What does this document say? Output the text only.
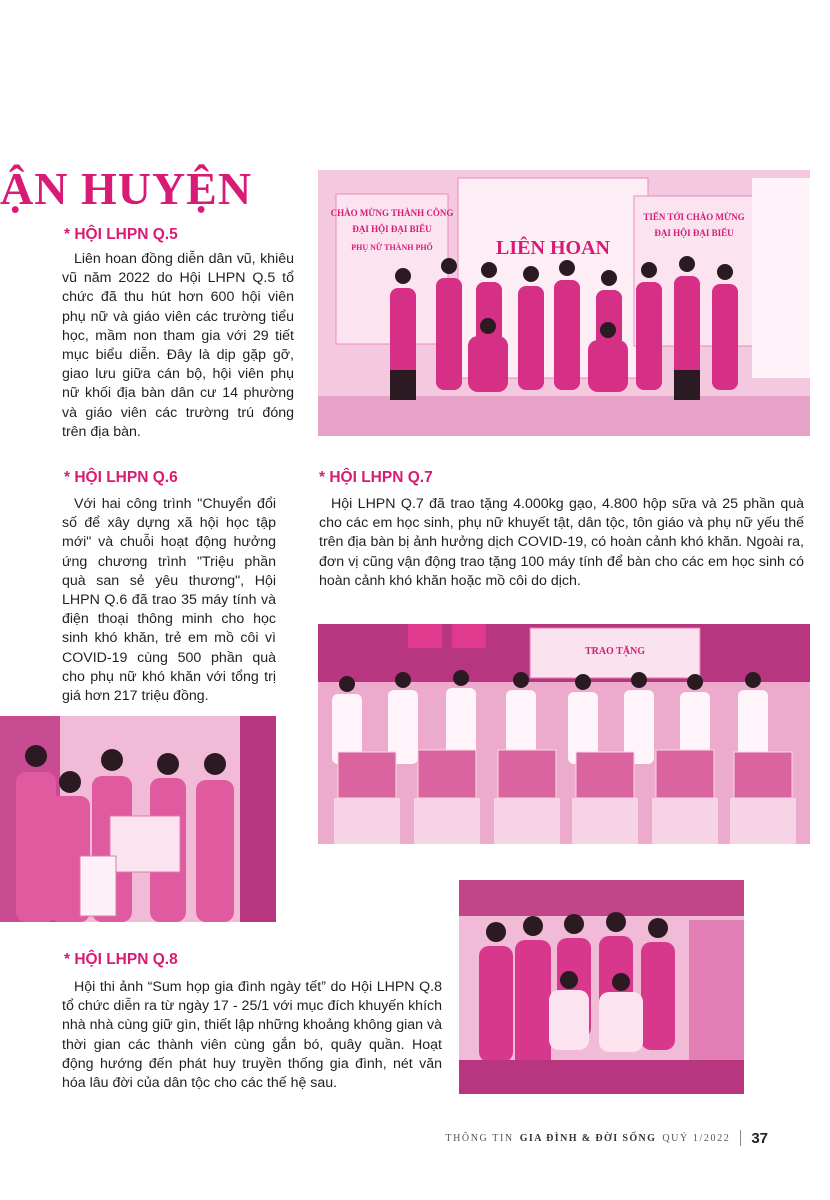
ẬN HUYỆN	CHÀO MỪNG THÀNH CÔNG
ĐẠI HỘI ĐẠI BIỂU
PHỤ NỮ THÀNH PHỐ	LIÊN HOAN
TIẾN TỚI CHÀO MỪNG
ĐẠI HỘI ĐẠI BIỂU
* HỘI LHPN Q.5
Liên hoan đồng diễn dân vũ, khiêu vũ năm 2022 do Hội LHPN Q.5 tổ chức đã thu hút hơn 600 hội viên phụ nữ và giáo viên các trường tiểu học, mầm non tham gia với 29 tiết mục biểu diễn. Đây là dịp gặp gỡ, giao lưu giữa cán bộ, hội viên phụ nữ khối địa bàn dân cư 14 phường và giáo viên các trường trú đóng trên địa bàn.
* HỘI LHPN Q.6
Với hai công trình "Chuyển đổi số để xây dựng xã hội học tập mới" và chuỗi hoạt động hưởng ứng chương trình "Triệu phần quà san sẻ yêu thương", Hội LHPN Q.6 đã trao 35 máy tính và điện thoại thông minh cho học sinh khó khăn, trẻ em mồ côi vì COVID-19 cùng 500 phần quà cho phụ nữ khó khăn với tổng trị giá hơn 217 triệu đồng.
* HỘI LHPN Q.7
Hội LHPN Q.7 đã trao tặng 4.000kg gạo, 4.800 hộp sữa và 25 phần quà cho các em học sinh, phụ nữ khuyết tật, dân tộc, tôn giáo và phụ nữ yếu thế trên địa bàn bị ảnh hưởng dịch COVID-19, có hoàn cảnh khó khăn. Ngoài ra, đơn vị cũng vận động trao tặng 100 máy tính để bàn cho các em học sinh có hoàn cảnh khó khăn hoặc mồ côi do dịch.
TRAO TẶNG
* HỘI LHPN Q.8
Hội thi ảnh “Sum họp gia đình ngày tết” do Hội LHPN Q.8 tổ chức diễn ra từ ngày 17 - 25/1 với mục đích khuyến khích nhà nhà cùng giữ gìn, thiết lập những khoảng không gian và thời gian các thành viên cùng gắn bó, quây quần. Hoạt động hướng đến phát huy truyền thống gia đình, nét văn hóa lâu đời của dân tộc cho các thế hệ sau.
THÔNG TIN GIA ĐÌNH & ĐỜI SỐNG QUÝ 1/2022 37
